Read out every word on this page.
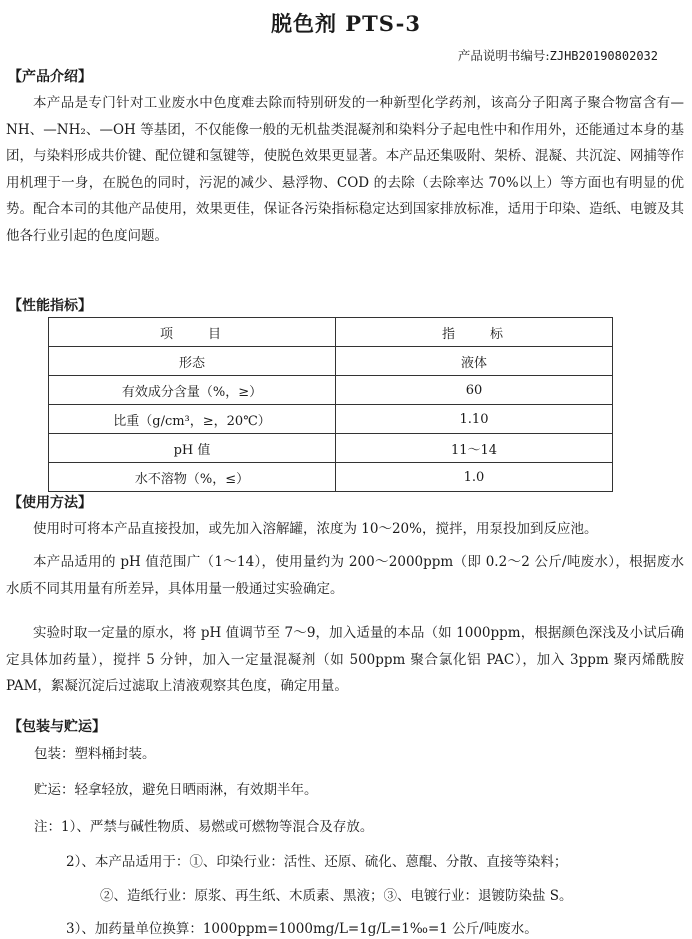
脱色剂 PTS-3
产品说明书编号:ZJHB20190802032
【产品介绍】
本产品是专门针对工业废水中色度难去除而特别研发的一种新型化学药剂，该高分子阳离子聚合物富含有—NH、—NH₂、—OH 等基团，不仅能像一般的无机盐类混凝剂和染料分子起电性中和作用外，还能通过本身的基团，与染料形成共价键、配位键和氢键等，使脱色效果更显著。本产品还集吸附、架桥、混凝、共沉淀、网捕等作用机理于一身，在脱色的同时，污泥的减少、悬浮物、COD 的去除（去除率达 70%以上）等方面也有明显的优势。配合本司的其他产品使用，效果更佳，保证各污染指标稳定达到国家排放标准，适用于印染、造纸、电镀及其他各行业引起的色度问题。
【性能指标】
项　　目	指　　标
形态	液体
有效成分含量（%，≥）	60
比重（g/cm³，≥，20℃）	1.10
pH 值	11～14
水不溶物（%，≤）	1.0
【使用方法】
使用时可将本产品直接投加，或先加入溶解罐，浓度为 10～20%，搅拌，用泵投加到反应池。
本产品适用的 pH 值范围广（1～14），使用量约为 200～2000ppm（即 0.2～2 公斤/吨废水），根据废水水质不同其用量有所差异，具体用量一般通过实验确定。
实验时取一定量的原水，将 pH 值调节至 7～9，加入适量的本品（如 1000ppm，根据颜色深浅及小试后确定具体加药量），搅拌 5 分钟，加入一定量混凝剂（如 500ppm 聚合氯化铝 PAC），加入 3ppm 聚丙烯酰胺 PAM，絮凝沉淀后过滤取上清液观察其色度，确定用量。
【包装与贮运】
包装：塑料桶封装。
贮运：轻拿轻放，避免日晒雨淋，有效期半年。
注：1）、严禁与碱性物质、易燃或可燃物等混合及存放。
2）、本产品适用于：①、印染行业：活性、还原、硫化、蒽醌、分散、直接等染料；
②、造纸行业：原浆、再生纸、木质素、黑液；③、电镀行业：退镀防染盐 S。
3）、加药量单位换算：1000ppm=1000mg/L=1g/L=1‰=1 公斤/吨废水。
